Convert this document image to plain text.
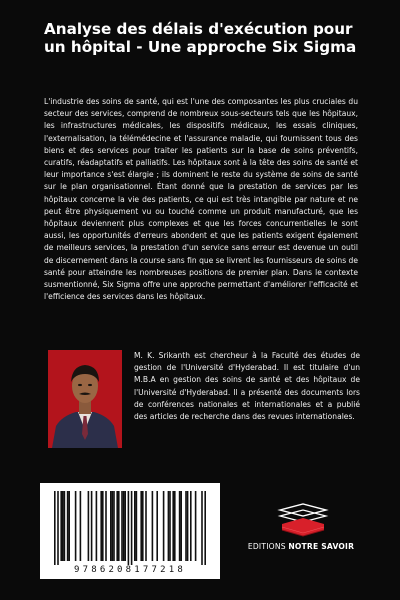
Analyse des délais d'exécution pour un hôpital - Une approche Six Sigma

L'industrie des soins de santé, qui est l'une des composantes les plus cruciales du secteur des services, comprend de nombreux sous-secteurs tels que les hôpitaux, les infrastructures médicales, les dispositifs médicaux, les essais cliniques, l'externalisation, la télémédecine et l'assurance maladie, qui fournissent tous des biens et des services pour traiter les patients sur la base de soins préventifs, curatifs, réadaptatifs et palliatifs. Les hôpitaux sont à la tête des soins de santé et leur importance s'est élargie ; ils dominent le reste du système de soins de santé sur le plan organisationnel. Étant donné que la prestation de services par les hôpitaux concerne la vie des patients, ce qui est très intangible par nature et ne peut être physiquement vu ou touché comme un produit manufacturé, que les hôpitaux deviennent plus complexes et que les forces concurrentielles le sont aussi, les opportunités d'erreurs abondent et que les patients exigent également de meilleurs services, la prestation d'un service sans erreur est devenue un outil de discernement dans la course sans fin que se livrent les fournisseurs de soins de santé pour atteindre les nombreuses positions de premier plan. Dans le contexte susmentionné, Six Sigma offre une approche permettant d'améliorer l'efficacité et l'efficience des services dans les hôpitaux.

M. K. Srikanth est chercheur à la Faculté des études de gestion de l'Université d'Hyderabad. Il est titulaire d'un M.B.A en gestion des soins de santé et des hôpitaux de l'Université d'Hyderabad. Il a présenté des documents lors de conférences nationales et internationales et a publié des articles de recherche dans des revues internationales.

9786208177218
EDITIONS NOTRE SAVOIR
